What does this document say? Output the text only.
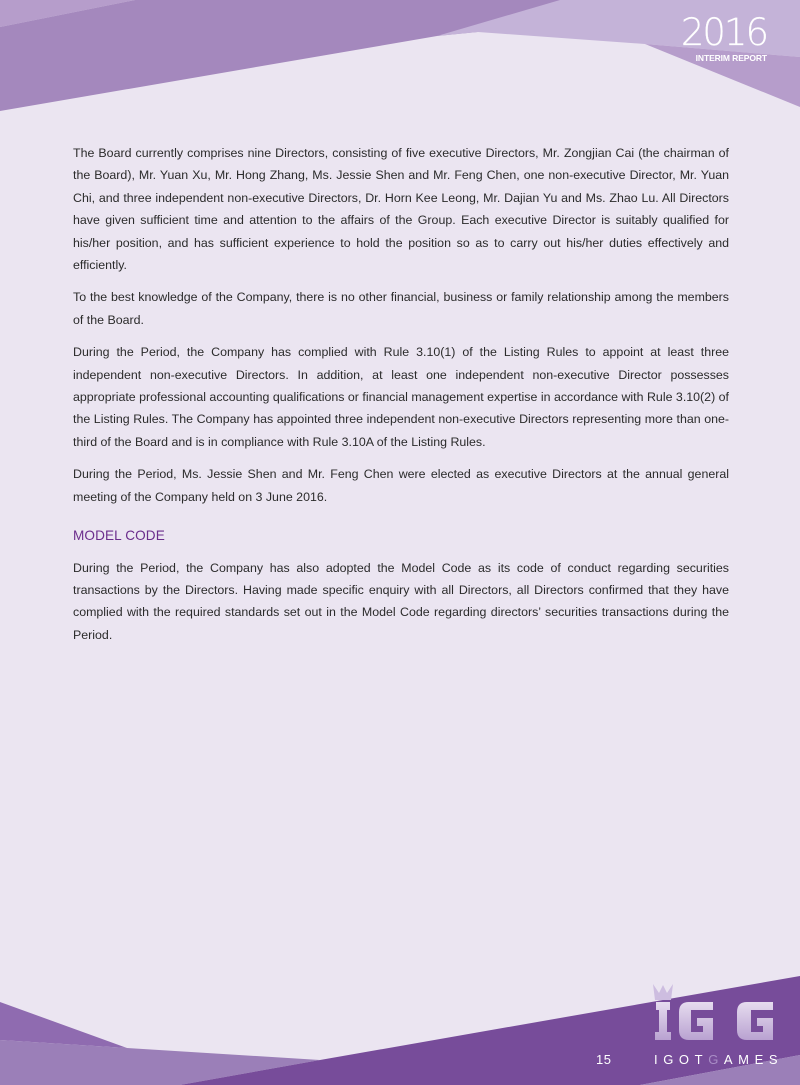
2016
INTERIM REPORT

The Board currently comprises nine Directors, consisting of five executive Directors, Mr. Zongjian Cai (the chairman of the Board), Mr. Yuan Xu, Mr. Hong Zhang, Ms. Jessie Shen and Mr. Feng Chen, one non-executive Director, Mr. Yuan Chi, and three independent non-executive Directors, Dr. Horn Kee Leong, Mr. Dajian Yu and Ms. Zhao Lu. All Directors have given sufficient time and attention to the affairs of the Group. Each executive Director is suitably qualified for his/her position, and has sufficient experience to hold the position so as to carry out his/her duties effectively and efficiently.

To the best knowledge of the Company, there is no other financial, business or family relationship among the members of the Board.

During the Period, the Company has complied with Rule 3.10(1) of the Listing Rules to appoint at least three independent non-executive Directors. In addition, at least one independent non-executive Director possesses appropriate professional accounting qualifications or financial management expertise in accordance with Rule 3.10(2) of the Listing Rules. The Company has appointed three independent non-executive Directors representing more than one-third of the Board and is in compliance with Rule 3.10A of the Listing Rules.

During the Period, Ms. Jessie Shen and Mr. Feng Chen were elected as executive Directors at the annual general meeting of the Company held on 3 June 2016.

MODEL CODE

During the Period, the Company has also adopted the Model Code as its code of conduct regarding securities transactions by the Directors. Having made specific enquiry with all Directors, all Directors confirmed that they have complied with the required standards set out in the Model Code regarding directors’ securities transactions during the Period.

15	IGOTGAMES
